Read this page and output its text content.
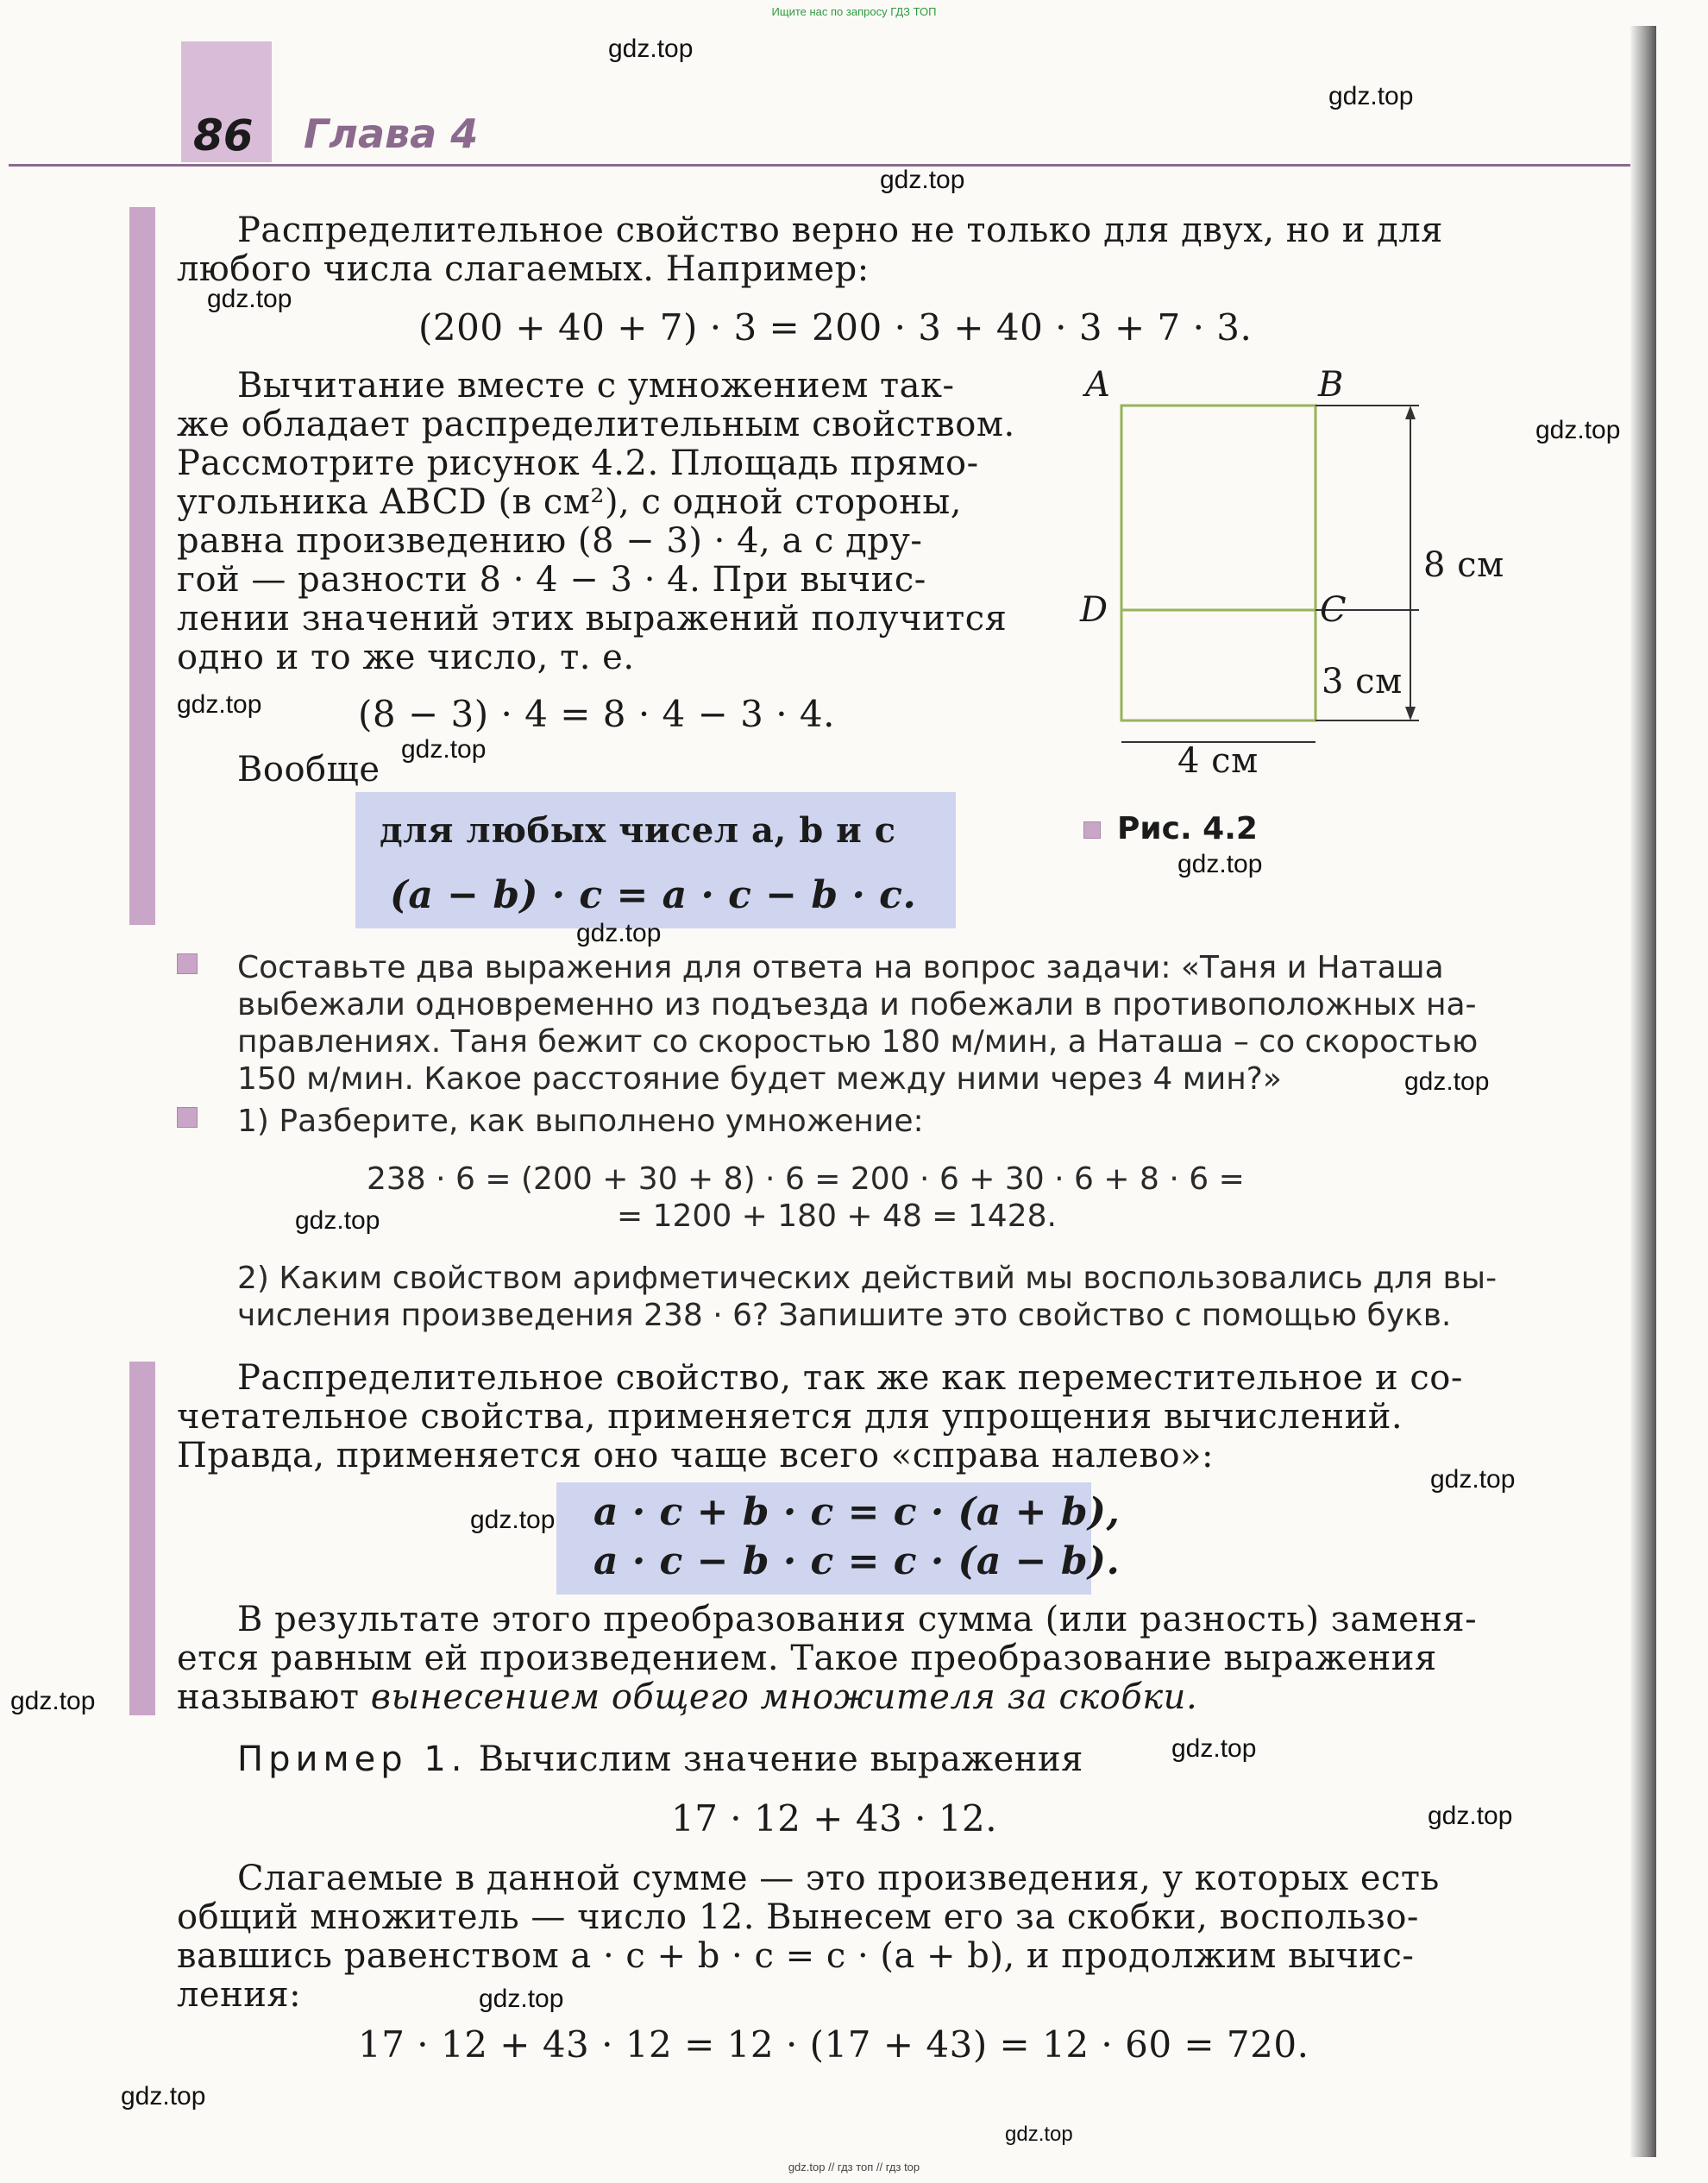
Ищите нас по запросу ГДЗ ТОП
gdz.top // гдз топ // гдз top
86 Глава 4
Распределительное свойство верно не только для двух, но и для
любого числа слагаемых. Например:
(200 + 40 + 7) · 3 = 200 · 3 + 40 · 3 + 7 · 3.
Вычитание вместе с умножением так-
же обладает распределительным свойством.
Рассмотрите рисунок 4.2. Площадь прямо-
угольника ABCD (в см²), с одной стороны,
равна произведению (8 − 3) · 4, а с дру-
гой — разности 8 · 4 − 3 · 4. При вычис-
лении значений этих выражений получится
одно и то же число, т. е.
(8 − 3) · 4 = 8 · 4 − 3 · 4.
Вообще
для любых чисел a, b и c
(a − b) · c = a · c − b · c.
A	B
D	C
8 см
3 см
4 см
Рис. 4.2
Составьте два выражения для ответа на вопрос задачи: «Таня и Наташа
выбежали одновременно из подъезда и побежали в противоположных на-
правлениях. Таня бежит со скоростью 180 м/мин, а Наташа – со скоростью
150 м/мин. Какое расстояние будет между ними через 4 мин?»
1) Разберите, как выполнено умножение:
238 · 6 = (200 + 30 + 8) · 6 = 200 · 6 + 30 · 6 + 8 · 6 =
= 1200 + 180 + 48 = 1428.
2) Каким свойством арифметических действий мы воспользовались для вы-
числения произведения 238 · 6? Запишите это свойство с помощью букв.
Распределительное свойство, так же как переместительное и со-
четательное свойства, применяется для упрощения вычислений.
Правда, применяется оно чаще всего «справа налево»:
a · c + b · c = c · (a + b),
a · c − b · c = c · (a − b).
В результате этого преобразования сумма (или разность) заменя-
ется равным ей произведением. Такое преобразование выражения
называют вынесением общего множителя за скобки.
Пример 1. Вычислим значение выражения
17 · 12 + 43 · 12.
Слагаемые в данной сумме — это произведения, у которых есть
общий множитель — число 12. Вынесем его за скобки, воспользо-
вавшись равенством a · c + b · c = c · (a + b), и продолжим вычис-
ления:
17 · 12 + 43 · 12 = 12 · (17 + 43) = 12 · 60 = 720.
gdz.top
gdz.top
gdz.top
gdz.top
gdz.top
gdz.top
gdz.top
gdz.top
gdz.top
gdz.top
gdz.top
gdz.top
gdz.top
gdz.top
gdz.top
gdz.top
gdz.top
gdz.top
gdz.top
